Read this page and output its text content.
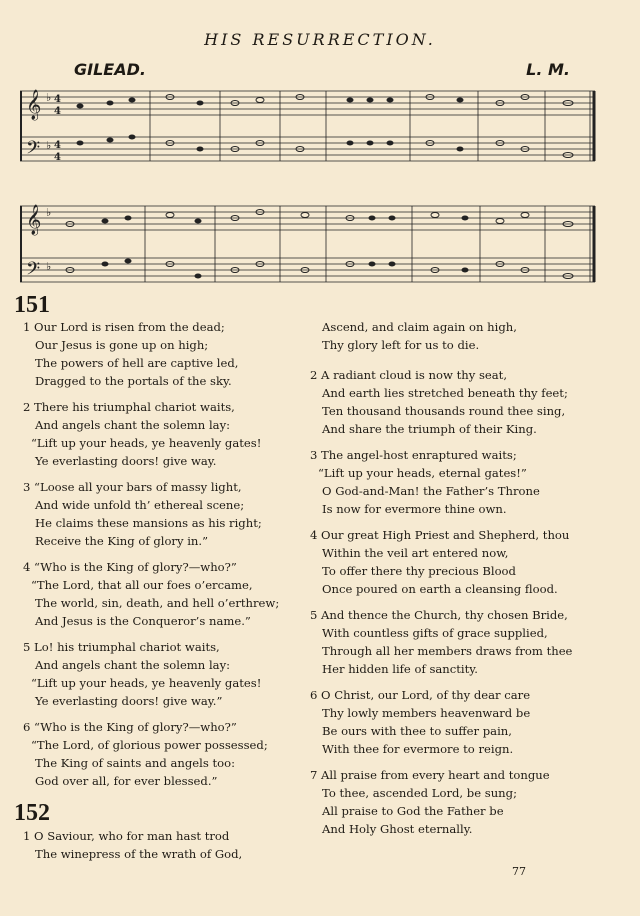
HIS RESURRECTION.
GILEAD.	L. M.
𝄞
𝄢
♭
♭
4
4
4
4
𝄞
𝄢
♭
♭
151
1 Our Lord is risen from the dead;
Our Jesus is gone up on high;
The powers of hell are captive led,
Dragged to the portals of the sky.
2 There his triumphal chariot waits,
And angels chant the solemn lay:
“Lift up your heads, ye heavenly gates!
Ye everlasting doors! give way.
3 “Loose all your bars of massy light,
And wide unfold th’ ethereal scene;
He claims these mansions as his right;
Receive the King of glory in.”
4 “Who is the King of glory?—who?”
“The Lord, that all our foes o’ercame,
The world, sin, death, and hell o’erthrew;
And Jesus is the Conqueror’s name.”
5 Lo! his triumphal chariot waits,
And angels chant the solemn lay:
“Lift up your heads, ye heavenly gates!
Ye everlasting doors! give way.”
6 “Who is the King of glory?—who?”
“The Lord, of glorious power possessed;
The King of saints and angels too:
God over all, for ever blessed.”
152
1 O Saviour, who for man hast trod
The winepress of the wrath of God,
Ascend, and claim again on high,
Thy glory left for us to die.
2 A radiant cloud is now thy seat,
And earth lies stretched beneath thy feet;
Ten thousand thousands round thee sing,
And share the triumph of their King.
3 The angel-host enraptured waits;
“Lift up your heads, eternal gates!”
O God-and-Man! the Father’s Throne
Is now for evermore thine own.
4 Our great High Priest and Shepherd, thou
Within the veil art entered now,
To offer there thy precious Blood
Once poured on earth a cleansing flood.
5 And thence the Church, thy chosen Bride,
With countless gifts of grace supplied,
Through all her members draws from thee
Her hidden life of sanctity.
6 O Christ, our Lord, of thy dear care
Thy lowly members heavenward be
Be ours with thee to suffer pain,
With thee for evermore to reign.
7 All praise from every heart and tongue
To thee, ascended Lord, be sung;
All praise to God the Father be
And Holy Ghost eternally.
77
